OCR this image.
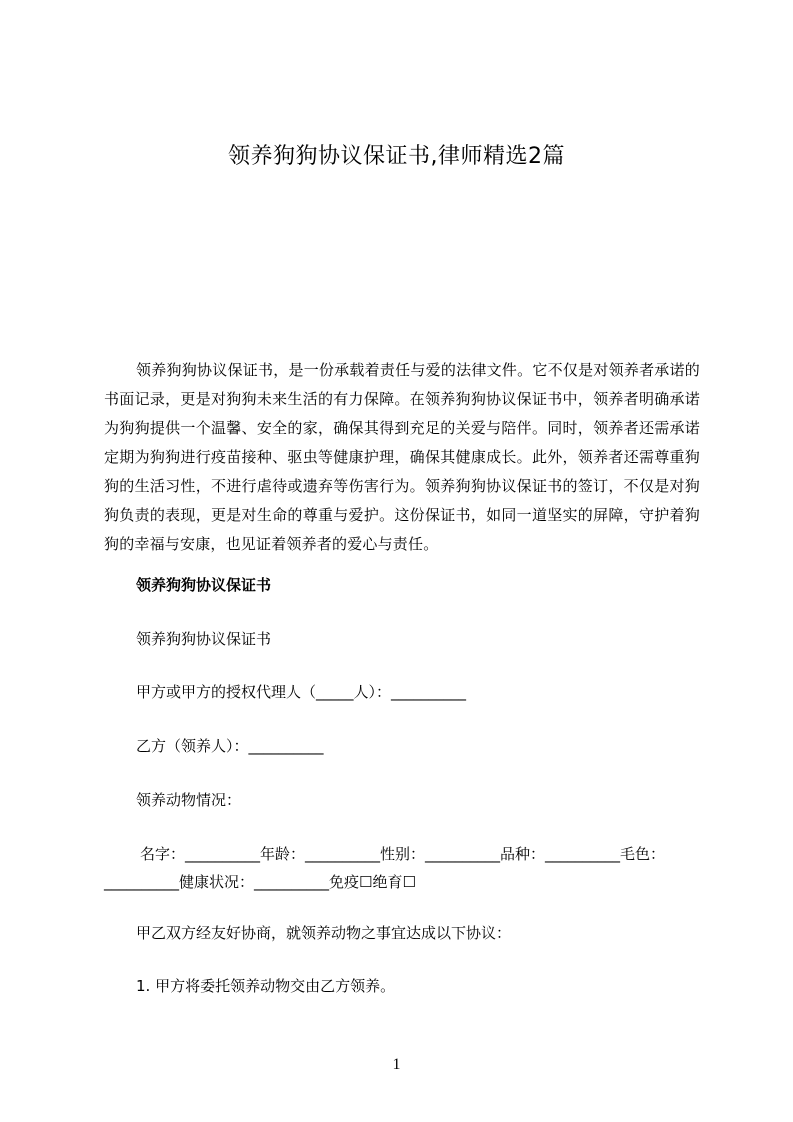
领养狗狗协议保证书,律师精选2篇

领养狗狗协议保证书，是一份承载着责任与爱的法律文件。它不仅是对领养者承诺的书面记录，更是对狗狗未来生活的有力保障。在领养狗狗协议保证书中，领养者明确承诺为狗狗提供一个温馨、安全的家，确保其得到充足的关爱与陪伴。同时，领养者还需承诺定期为狗狗进行疫苗接种、驱虫等健康护理，确保其健康成长。此外，领养者还需尊重狗狗的生活习性，不进行虐待或遗弃等伤害行为。领养狗狗协议保证书的签订，不仅是对狗狗负责的表现，更是对生命的尊重与爱护。这份保证书，如同一道坚实的屏障，守护着狗狗的幸福与安康，也见证着领养者的爱心与责任。

领养狗狗协议保证书

领养狗狗协议保证书

甲方或甲方的授权代理人（_____人）：__________

乙方（领养人）：__________

领养动物情况：

名字：__________年龄：__________性别：__________品种：__________毛色：__________健康状况：__________免疫☐绝育☐

甲乙双方经友好协商，就领养动物之事宜达成以下协议：

1. 甲方将委托领养动物交由乙方领养。

1
